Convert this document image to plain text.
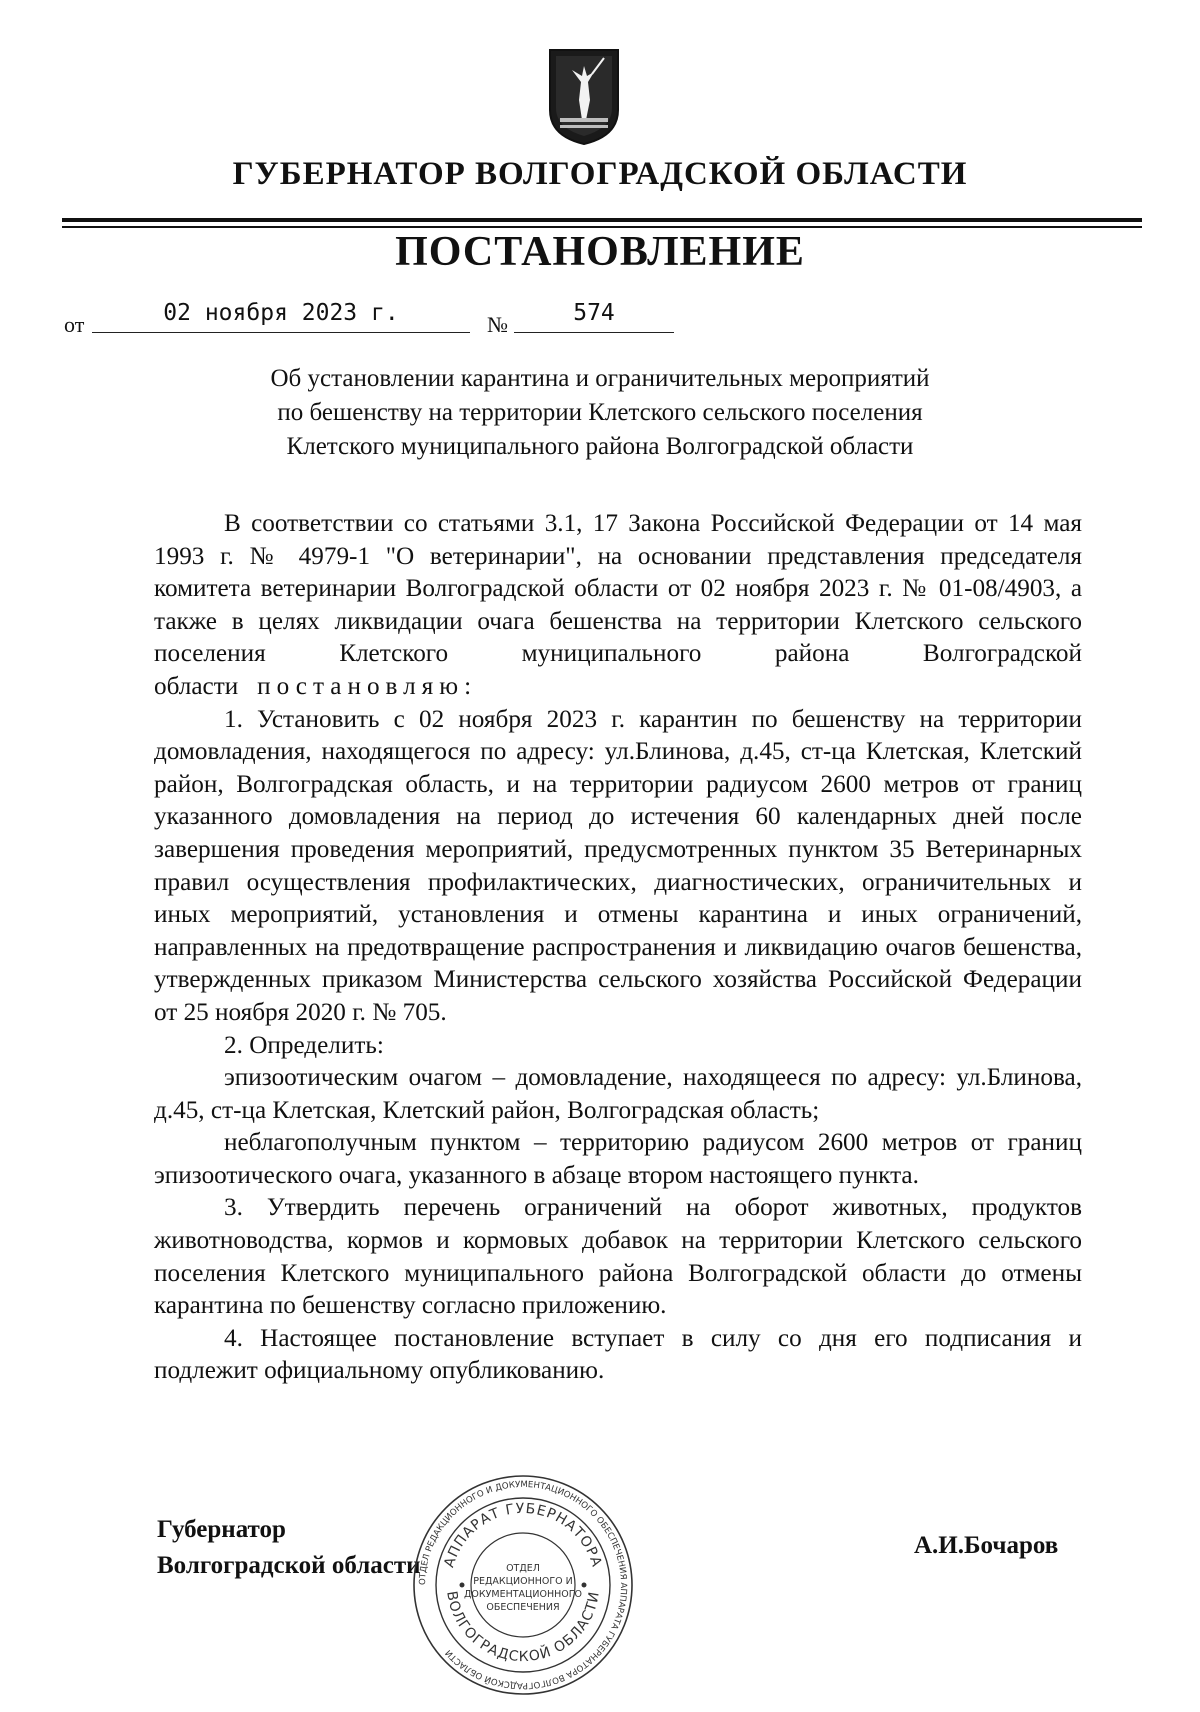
ГУБЕРНАТОР ВОЛГОГРАДСКОЙ ОБЛАСТИ
ПОСТАНОВЛЕНИЕ
от	02 ноября 2023 г.	№	574
Об установлении карантина и ограничительных мероприятий
по бешенству на территории Клетского сельского поселения
Клетского муниципального района Волгоградской области

В соответствии со статьями 3.1, 17 Закона Российской Федерации от 14 мая 1993 г. № 4979-1 "О ветеринарии", на основании представления председателя комитета ветеринарии Волгоградской области от 02 ноября 2023 г. № 01-08/4903, а также в целях ликвидации очага бешенства на территории Клетского сельского поселения Клетского муниципального района Волгоградской области постановляю:

1. Установить с 02 ноября 2023 г. карантин по бешенству на территории домовладения, находящегося по адресу: ул.Блинова, д.45, ст-ца Клетская, Клетский район, Волгоградская область, и на территории радиусом 2600 метров от границ указанного домовладения на период до истечения 60 календарных дней после завершения проведения мероприятий, предусмотренных пунктом 35 Ветеринарных правил осуществления профилактических, диагностических, ограничительных и иных мероприятий, установления и отмены карантина и иных ограничений, направленных на предотвращение распространения и ликвидацию очагов бешенства, утвержденных приказом Министерства сельского хозяйства Российской Федерации от 25 ноября 2020 г. № 705.

2. Определить:

эпизоотическим очагом – домовладение, находящееся по адресу: ул.Блинова, д.45, ст-ца Клетская, Клетский район, Волгоградская область;

неблагополучным пунктом – территорию радиусом 2600 метров от границ эпизоотического очага, указанного в абзаце втором настоящего пункта.

3. Утвердить перечень ограничений на оборот животных, продуктов животноводства, кормов и кормовых добавок на территории Клетского сельского поселения Клетского муниципального района Волгоградской области до отмены карантина по бешенству согласно приложению.

4. Настоящее постановление вступает в силу со дня его подписания и подлежит официальному опубликованию.

Губернатор
Волгоградской области
А.И.Бочаров
ОТДЕЛ РЕДАКЦИОННОГО И ДОКУМЕНТАЦИОННОГО ОБЕСПЕЧЕНИЯ АППАРАТА ГУБЕРНАТОРА ВОЛГОГРАДСКОЙ ОБЛАСТИ
АППАРАТ ГУБЕРНАТОРА
ВОЛГОГРАДСКОЙ ОБЛАСТИ
ОТДЕЛ
РЕДАКЦИОННОГО И
ДОКУМЕНТАЦИОННОГО
ОБЕСПЕЧЕНИЯ
